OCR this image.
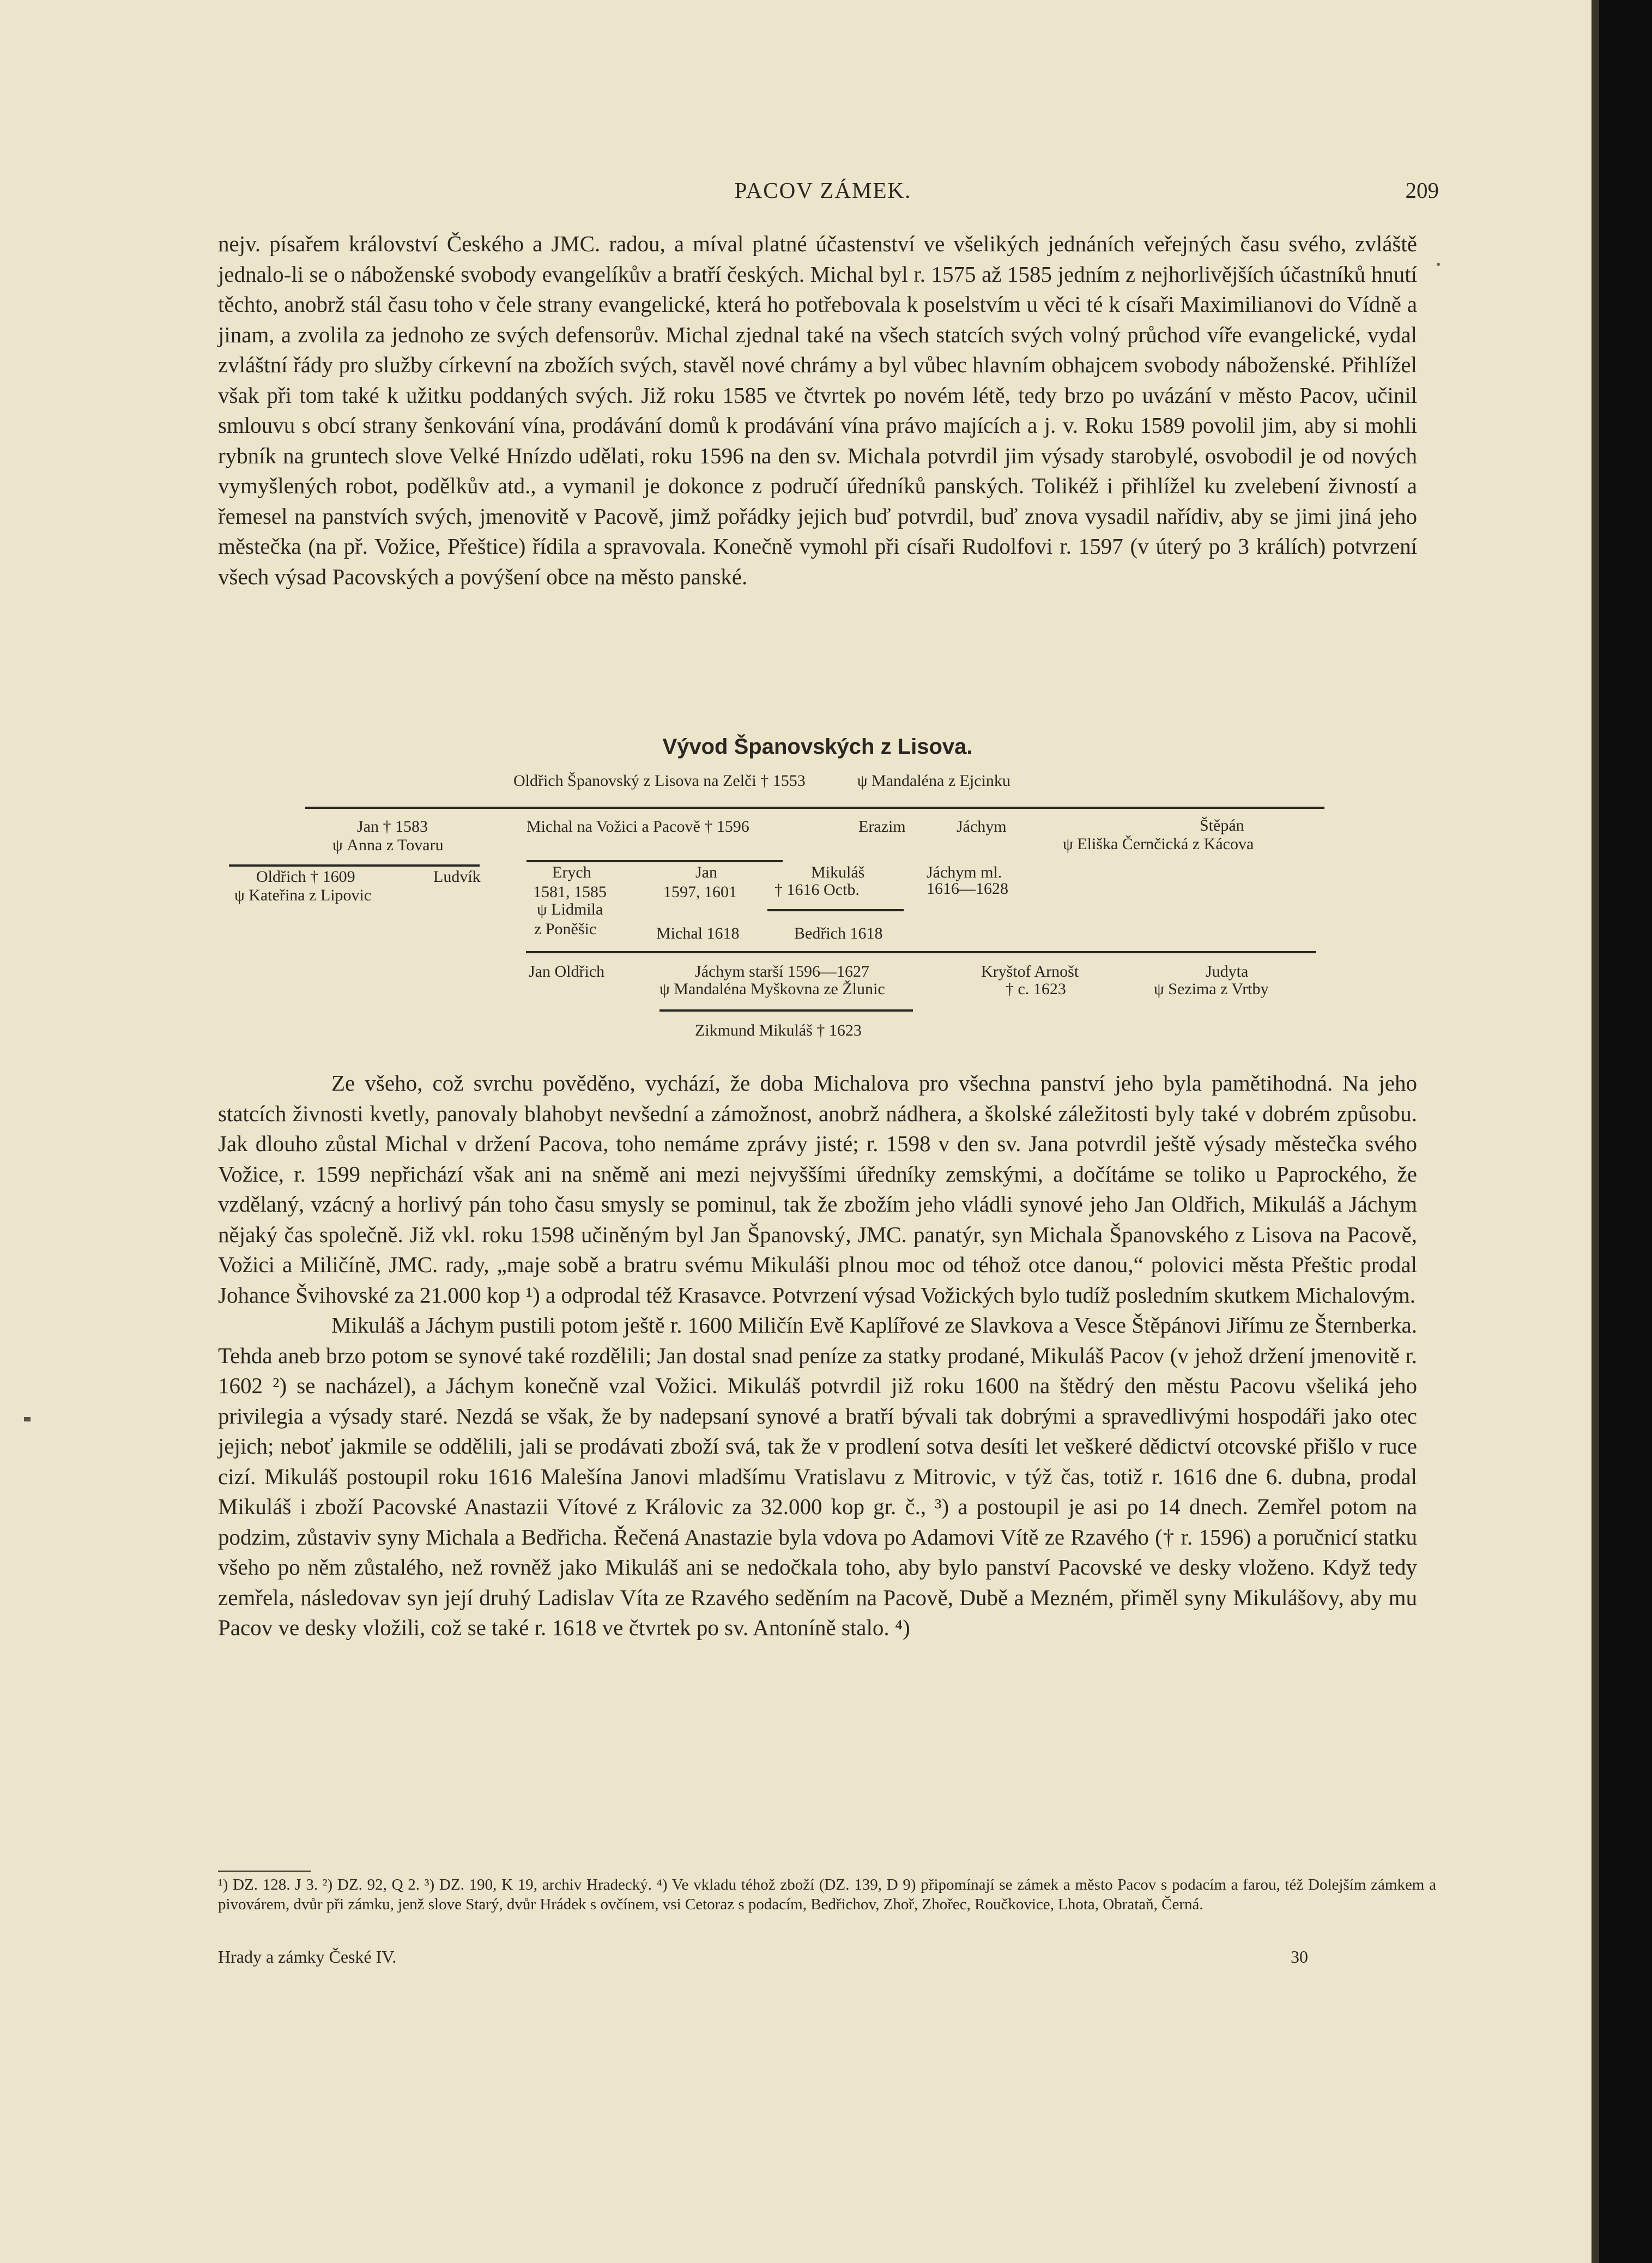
PACOV ZÁMEK.	209

nejv. písařem království Českého a JMC. radou, a míval platné účastenství ve všelikých jednáních veřejných času svého, zvláště jednalo-li se o náboženské svobody evangelíkův a bratří českých. Michal byl r. 1575 až 1585 jedním z nejhorlivějších účastníků hnutí těchto, anobrž stál času toho v čele strany evangelické, která ho potřebovala k poselstvím u věci té k císaři Maximilianovi do Vídně a jinam, a zvolila za jednoho ze svých defensorův. Michal zjednal také na všech statcích svých volný průchod víře evangelické, vydal zvláštní řády pro služby církevní na zbožích svých, stavěl nové chrámy a byl vůbec hlavním obhajcem svobody náboženské. Přihlížel však při tom také k užitku poddaných svých. Již roku 1585 ve čtvrtek po novém létě, tedy brzo po uvázání v město Pacov, učinil smlouvu s obcí strany šenkování vína, prodávání domů k prodávání vína právo majících a j. v. Roku 1589 povolil jim, aby si mohli rybník na gruntech slove Velké Hnízdo udělati, roku 1596 na den sv. Michala potvrdil jim výsady starobylé, osvobodil je od nových vymyšlených robot, podělkův atd., a vymanil je dokonce z područí úředníků panských. Tolikéž i přihlížel ku zvelebení živností a řemesel na panstvích svých, jmenovitě v Pacově, jimž pořádky jejich buď potvrdil, buď znova vysadil nařídiv, aby se jimi jiná jeho městečka (na př. Vožice, Přeštice) řídila a spravovala. Konečně vymohl při císaři Rudolfovi r. 1597 (v úterý po 3 králích) potvrzení všech výsad Pacovských a povýšení obce na město panské.

Vývod Španovských z Lisova.
Oldřich Španovský z Lisova na Zelči † 1553	ψ Mandaléna z Ejcinku
Jan † 1583
ψ Anna z Tovaru
Michal na Vožici a Pacově † 1596	Erazim	Jáchym	Štěpán
ψ Eliška Černčická z Kácova
Oldřich † 1609
ψ Kateřina z Lipovic
Ludvík	Erych
1581, 1585
ψ Lidmila
z Poněšic
Jan
1597, 1601
Mikuláš
† 1616 Octb.
Jáchym ml.
1616—1628
Michal 1618	Bedřich 1618
Jan Oldřich	Jáchym starší 1596—1627
ψ Mandaléna Myškovna ze Žlunic
Kryštof Arnošt
† c. 1623
Judyta
ψ Sezima z Vrtby
Zikmund Mikuláš † 1623

Ze všeho, což svrchu pověděno, vychází, že doba Michalova pro všechna panství jeho byla pamětihodná. Na jeho statcích živnosti kvetly, panovaly blahobyt nevšední a zámožnost, anobrž nádhera, a školské záležitosti byly také v dobrém způsobu. Jak dlouho zůstal Michal v držení Pacova, toho nemáme zprávy jisté; r. 1598 v den sv. Jana potvrdil ještě výsady městečka svého Vožice, r. 1599 nepřichází však ani na sněmě ani mezi nejvyššími úředníky zemskými, a dočítáme se toliko u Paprockého, že vzdělaný, vzácný a horlivý pán toho času smysly se pominul, tak že zbožím jeho vládli synové jeho Jan Oldřich, Mikuláš a Jáchym nějaký čas společně. Již vkl. roku 1598 učiněným byl Jan Španovský, JMC. panatýr, syn Michala Španovského z Lisova na Pacově, Vožici a Miličíně, JMC. rady, „maje sobě a bratru svému Mikuláši plnou moc od téhož otce danou,“ polovici města Přeštic prodal Johance Švihovské za 21.000 kop ¹) a odprodal též Krasavce. Potvrzení výsad Vožických bylo tudíž posledním skutkem Michalovým.

Mikuláš a Jáchym pustili potom ještě r. 1600 Miličín Evě Kaplířové ze Slavkova a Vesce Štěpánovi Jiřímu ze Šternberka. Tehda aneb brzo potom se synové také rozdělili; Jan dostal snad peníze za statky prodané, Mikuláš Pacov (v jehož držení jmenovitě r. 1602 ²) se nacházel), a Jáchym konečně vzal Vožici. Mikuláš potvrdil již roku 1600 na štědrý den městu Pacovu všeliká jeho privilegia a výsady staré. Nezdá se však, že by nadepsaní synové a bratří bývali tak dobrými a spravedlivými hospodáři jako otec jejich; neboť jakmile se oddělili, jali se prodávati zboží svá, tak že v prodlení sotva desíti let veškeré dědictví otcovské přišlo v ruce cizí. Mikuláš postoupil roku 1616 Malešína Janovi mladšímu Vratislavu z Mitrovic, v týž čas, totiž r. 1616 dne 6. dubna, prodal Mikuláš i zboží Pacovské Anastazii Vítové z Královic za 32.000 kop gr. č., ³) a postoupil je asi po 14 dnech. Zemřel potom na podzim, zůstaviv syny Michala a Bedřicha. Řečená Anastazie byla vdova po Adamovi Vítě ze Rzavého († r. 1596) a poručnicí statku všeho po něm zůstalého, než rovněž jako Mikuláš ani se nedočkala toho, aby bylo panství Pacovské ve desky vloženo. Když tedy zemřela, následovav syn její druhý Ladislav Víta ze Rzavého seděním na Pacově, Dubě a Mezném, přiměl syny Mikulášovy, aby mu Pacov ve desky vložili, což se také r. 1618 ve čtvrtek po sv. Antoníně stalo. ⁴)

¹) DZ. 128. J 3. ²) DZ. 92, Q 2. ³) DZ. 190, K 19, archiv Hradecký. ⁴) Ve vkladu téhož zboží (DZ. 139, D 9) připomínají se zámek a město Pacov s podacím a farou, též Dolejším zámkem a pivovárem, dvůr při zámku, jenž slove Starý, dvůr Hrádek s ovčínem, vsi Cetoraz s podacím, Bedřichov, Zhoř, Zhořec, Roučkovice, Lhota, Obrataň, Černá.
Hrady a zámky České IV.	30
